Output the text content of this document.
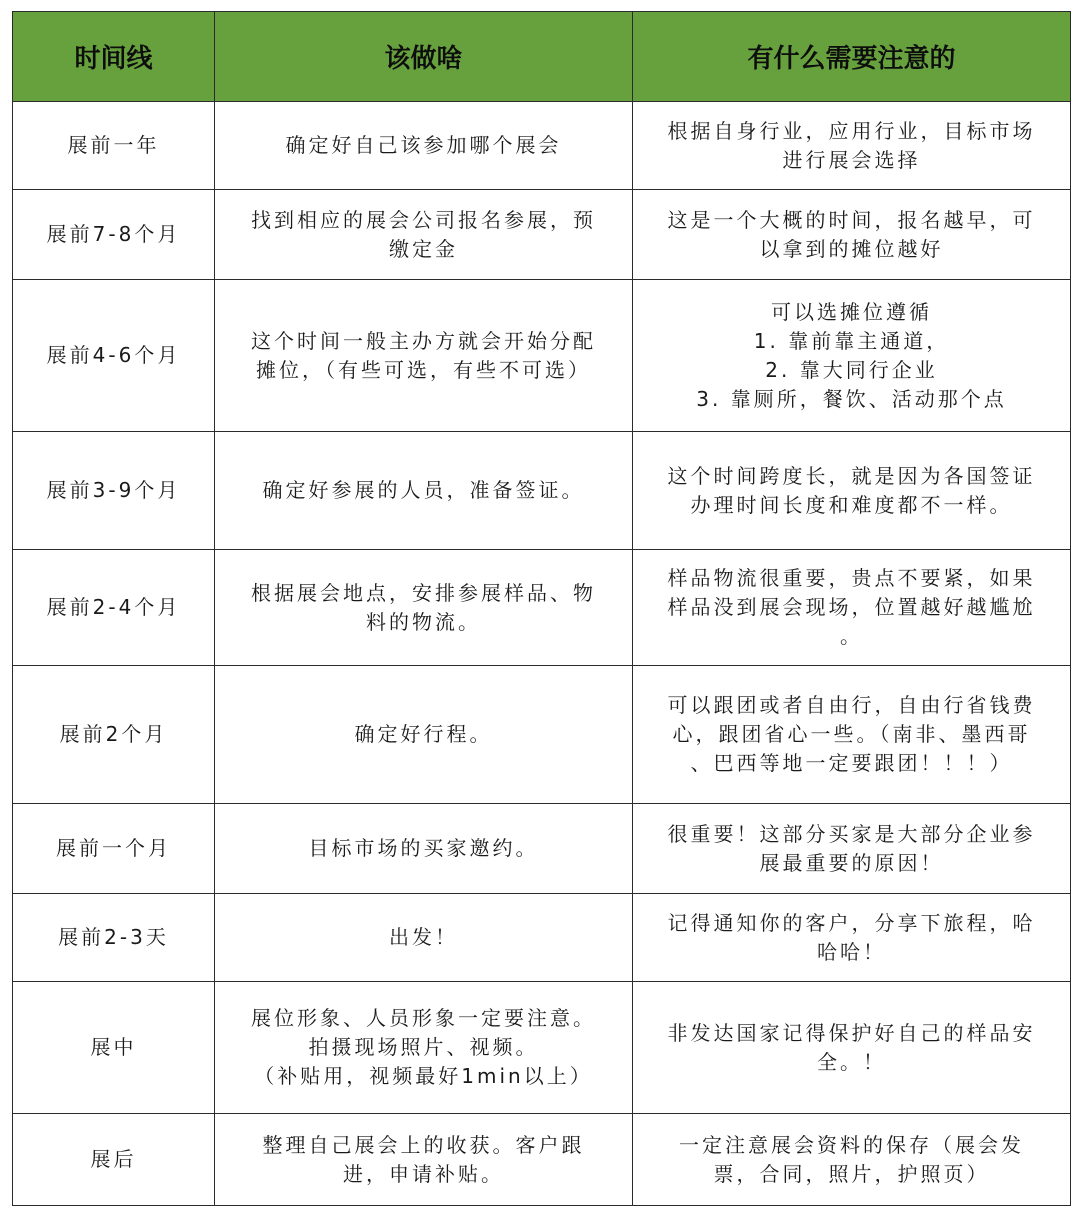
时间线	该做啥	有什么需要注意的
展前一年	确定好自己该参加哪个展会	根据自身行业，应用行业，目标市场
进行展会选择

展前7-8个月	找到相应的展会公司报名参展，预
缴定金	这是一个大概的时间，报名越早，可
以拿到的摊位越好

展前4-6个月	这个时间一般主办方就会开始分配
摊位，（有些可选，有些不可选）	可以选摊位遵循
1. 靠前靠主通道，
2. 靠大同行企业
3. 靠厕所，餐饮、活动那个点

展前3-9个月	确定好参展的人员，准备签证。	这个时间跨度长，就是因为各国签证
办理时间长度和难度都不一样。

展前2-4个月	根据展会地点，安排参展样品、物
料的物流。	样品物流很重要，贵点不要紧，如果
样品没到展会现场，位置越好越尴尬
。

展前2个月	确定好行程。	可以跟团或者自由行，自由行省钱费
心，跟团省心一些。（南非、墨西哥
、巴西等地一定要跟团！！！）

展前一个月	目标市场的买家邀约。	很重要！这部分买家是大部分企业参
展最重要的原因！

展前2-3天	出发！	记得通知你的客户，分享下旅程，哈
哈哈！

展中	展位形象、人员形象一定要注意。
拍摄现场照片、视频。
（补贴用，视频最好1min以上）	非发达国家记得保护好自己的样品安
全。！

展后	整理自己展会上的收获。客户跟
进，申请补贴。	一定注意展会资料的保存（展会发
票，合同，照片，护照页）
